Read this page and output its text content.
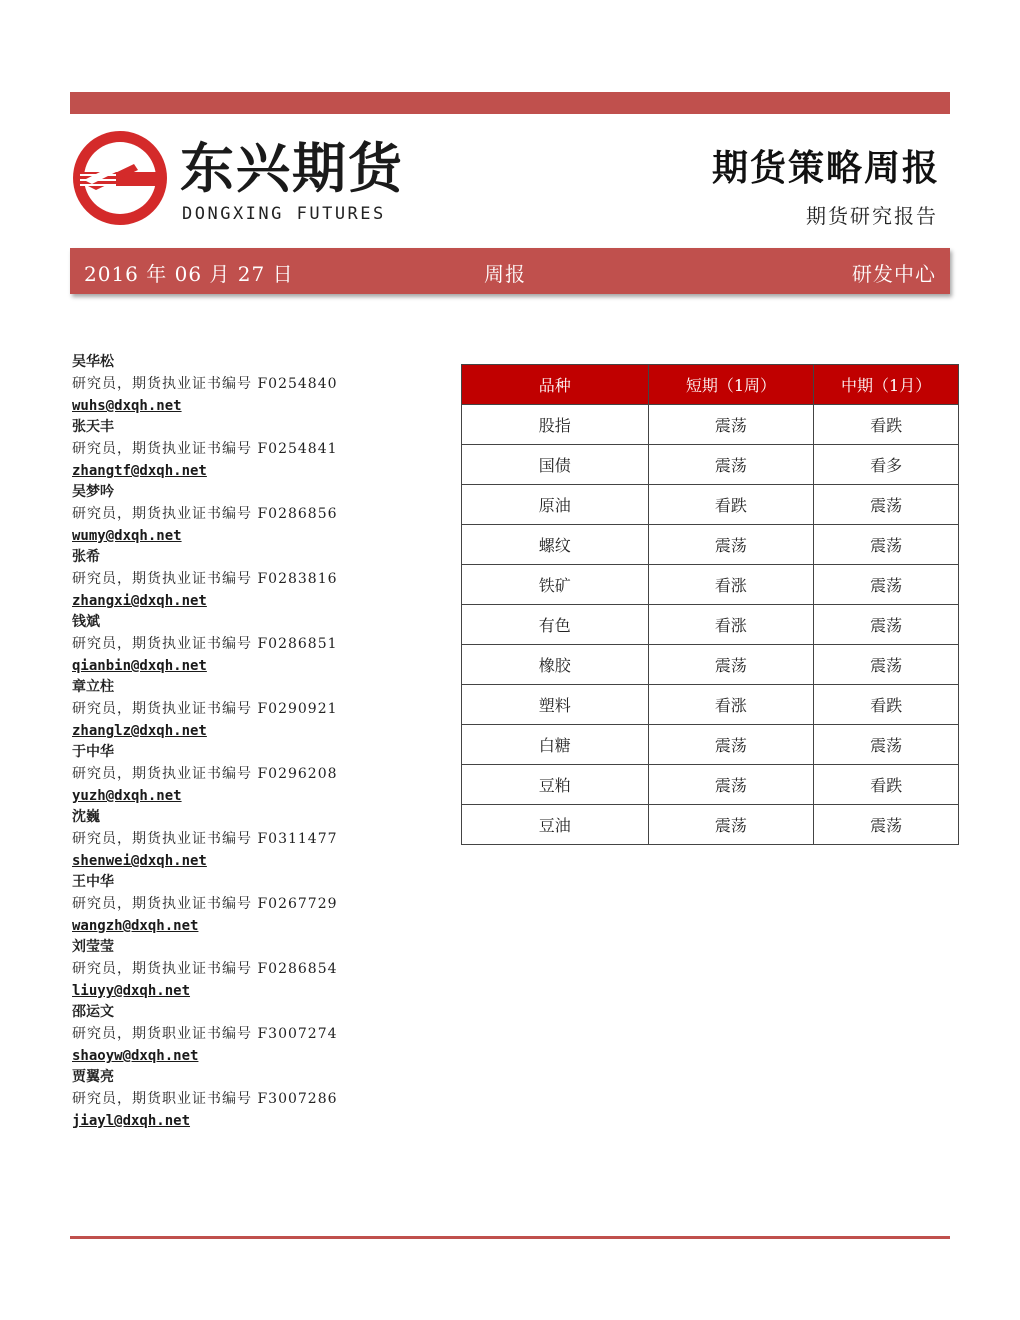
东兴期货
DONGXING FUTURES
期货策略周报
期货研究报告
2016 年 06 月 27 日	周报	研发中心
吴华松
研究员，期货执业证书编号 F0254840
wuhs@dxqh.net
张天丰
研究员，期货执业证书编号 F0254841
zhangtf@dxqh.net
吴梦吟
研究员，期货执业证书编号 F0286856
wumy@dxqh.net
张希
研究员，期货执业证书编号 F0283816
zhangxi@dxqh.net
钱斌
研究员，期货执业证书编号 F0286851
qianbin@dxqh.net
章立柱
研究员，期货执业证书编号 F0290921
zhanglz@dxqh.net
于中华
研究员，期货执业证书编号 F0296208
yuzh@dxqh.net
沈巍
研究员，期货执业证书编号 F0311477
shenwei@dxqh.net
王中华
研究员，期货执业证书编号 F0267729
wangzh@dxqh.net
刘莹莹
研究员，期货执业证书编号 F0286854
liuyy@dxqh.net
邵运文
研究员，期货职业证书编号 F3007274
shaoyw@dxqh.net
贾翼亮
研究员，期货职业证书编号 F3007286
jiayl@dxqh.net
品种	短期（1周）	中期（1月）
股指	震荡	看跌
国债	震荡	看多
原油	看跌	震荡
螺纹	震荡	震荡
铁矿	看涨	震荡
有色	看涨	震荡
橡胶	震荡	震荡
塑料	看涨	看跌
白糖	震荡	震荡
豆粕	震荡	看跌
豆油	震荡	震荡
